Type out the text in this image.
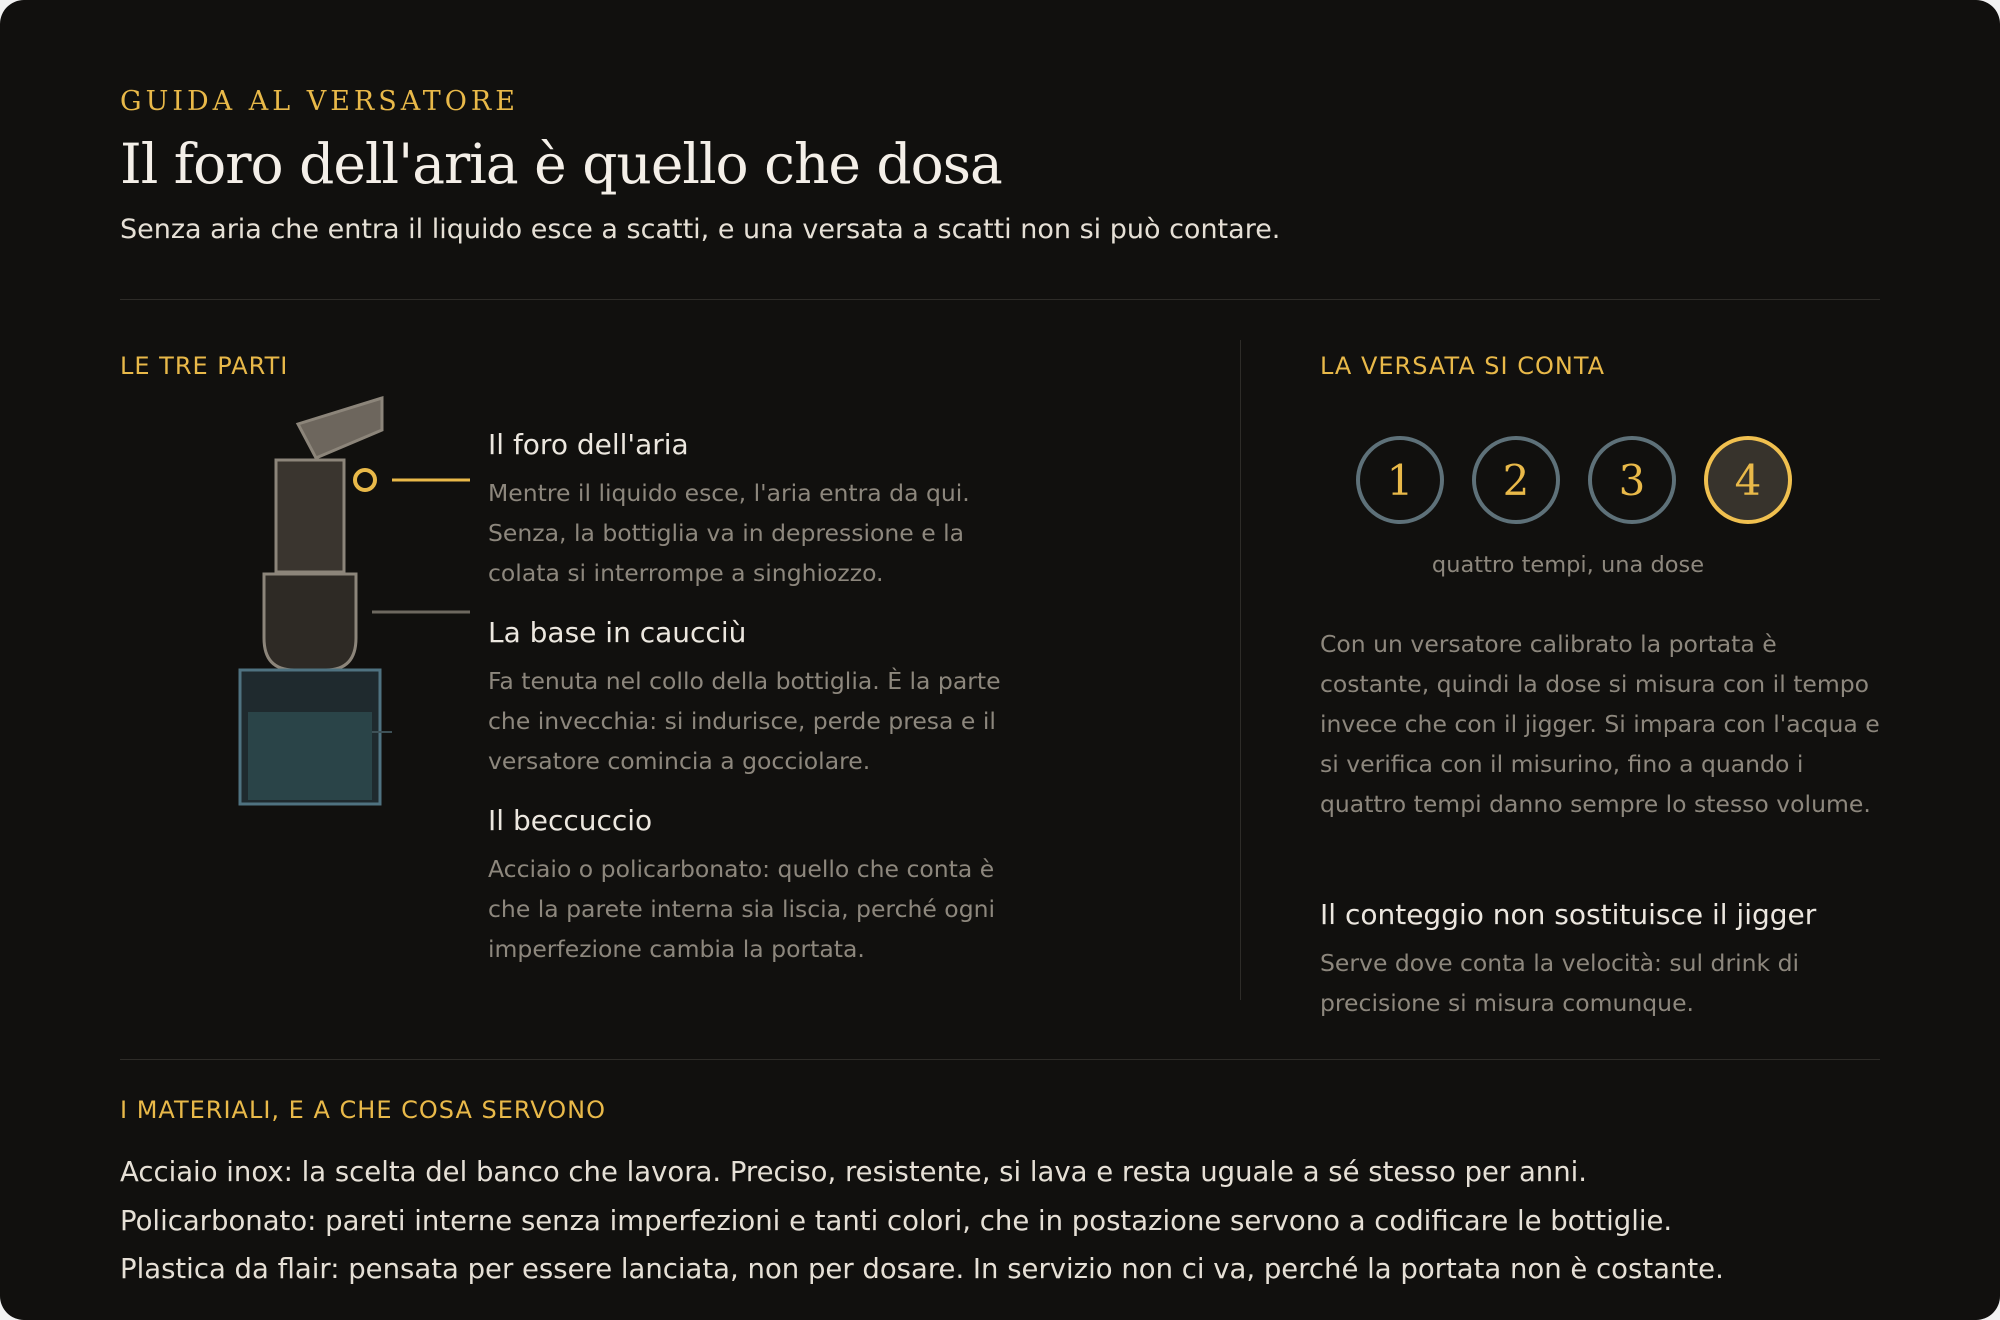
GUIDA AL VERSATORE
Il foro dell'aria è quello che dosa
Senza aria che entra il liquido esce a scatti, e una versata a scatti non si può contare.
LE TRE PARTI
Il foro dell'aria
Mentre il liquido esce, l'aria entra da qui. Senza, la bottiglia va in depressione e la colata si interrompe a singhiozzo.
La base in caucciù
Fa tenuta nel collo della bottiglia. È la parte che invecchia: si indurisce, perde presa e il versatore comincia a gocciolare.
Il beccuccio
Acciaio o policarbonato: quello che conta è che la parete interna sia liscia, perché ogni imperfezione cambia la portata.
LA VERSATA SI CONTA
1	2	3	4
quattro tempi, una dose
Con un versatore calibrato la portata è costante, quindi la dose si misura con il tempo invece che con il jigger. Si impara con l'acqua e si verifica con il misurino, fino a quando i quattro tempi danno sempre lo stesso volume.
Il conteggio non sostituisce il jigger
Serve dove conta la velocità: sul drink di precisione si misura comunque.
I MATERIALI, E A CHE COSA SERVONO
Acciaio inox: la scelta del banco che lavora. Preciso, resistente, si lava e resta uguale a sé stesso per anni.
Policarbonato: pareti interne senza imperfezioni e tanti colori, che in postazione servono a codificare le bottiglie.
Plastica da flair: pensata per essere lanciata, non per dosare. In servizio non ci va, perché la portata non è costante.
